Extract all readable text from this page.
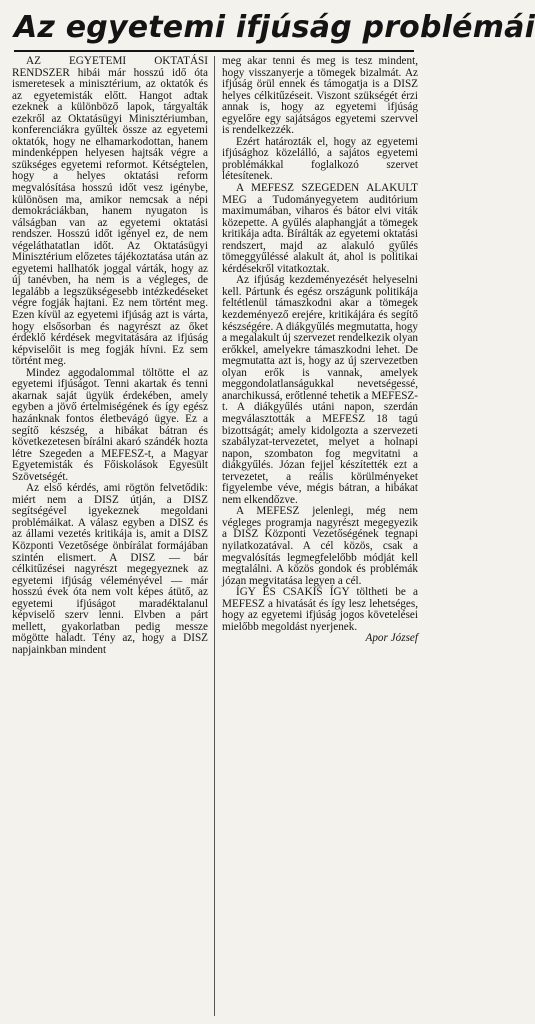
Az egyetemi ifjúság problémái

AZ EGYETEMI OKTATÁSI RENDSZER hibái már hosszú idő óta ismeretesek a minisztérium, az oktatók és az egyetemisták előtt. Hangot adtak ezeknek a különböző lapok, tárgyalták ezekről az Oktatásügyi Minisztériumban, konferenciákra gyűltek össze az egyetemi oktatók, hogy ne elhamarkodottan, hanem mindenképpen helyesen hajtsák végre a szükséges egyetemi reformot. Kétségtelen, hogy a helyes oktatási reform megvalósítása hosszú időt vesz igénybe, különösen ma, amikor nemcsak a népi demokráciákban, hanem nyugaton is válságban van az egyetemi oktatási rendszer. Hosszú időt igényel ez, de nem végeláthatatlan időt. Az Oktatásügyi Minisztérium előzetes tájékoztatása után az egyetemi hallhatók joggal várták, hogy az új tanévben, ha nem is a végleges, de legalább a legszükségesebb intézkedéseket végre fogják hajtani. Ez nem történt meg. Ezen kívül az egyetemi ifjúság azt is várta, hogy elsősorban és nagyrészt az őket érdeklő kérdések megvitatására az ifjúság képviselőit is meg fogják hívni. Ez sem történt meg.

Mindez aggodalommal töltötte el az egyetemi ifjúságot. Tenni akartak és tenni akarnak saját ügyük érdekében, amely egyben a jövő értelmiségének és így egész hazánknak fontos életbevágó ügye. Ez a segítő készség, a hibákat bátran és következetesen bírálni akaró szándék hozta létre Szegeden a MEFESZ-t, a Magyar Egyetemisták és Főiskolások Egyesült Szövetségét.

Az első kérdés, ami rögtön felvetődik: miért nem a DISZ útján, a DISZ segítségével igyekeznek megoldani problémáikat. A válasz egyben a DISZ és az állami vezetés kritikája is, amit a DISZ Központi Vezetősége önbírálat formájában szintén elismert. A DISZ — bár célkitűzései nagyrészt megegyeznek az egyetemi ifjúság véleményével — már hosszú évek óta nem volt képes átütő, az egyetemi ifjúságot maradéktalanul képviselő szerv lenni. Elvben a párt mellett, gyakorlatban pedig messze mögötte haladt. Tény az, hogy a DISZ napjainkban mindent

meg akar tenni és meg is tesz mindent, hogy visszanyerje a tömegek bizalmát. Az ifjúság örül ennek és támogatja is a DISZ helyes célkitűzéseit. Viszont szükségét érzi annak is, hogy az egyetemi ifjúság egyelőre egy sajátságos egyetemi szervvel is rendelkezzék.

Ezért határozták el, hogy az egyetemi ifjúsághoz közelálló, a sajátos egyetemi problémákkal foglalkozó szervet létesítenek.

A MEFESZ SZEGEDEN ALAKULT MEG a Tudományegyetem auditórium maximumában, viharos és bátor elvi viták közepette. A gyűlés alaphangját a tömegek kritikája adta. Bírálták az egyetemi oktatási rendszert, majd az alakuló gyűlés tömeggyűléssé alakult át, ahol is politikai kérdésekről vitatkoztak.

Az ifjúság kezdeményezését helyeselni kell. Pártunk és egész országunk politikája feltétlenül támaszkodni akar a tömegek kezdeményező erejére, kritikájára és segítő készségére. A diákgyűlés megmutatta, hogy a megalakult új szervezet rendelkezik olyan erőkkel, amelyekre támaszkodni lehet. De megmutatta azt is, hogy az új szervezetben olyan erők is vannak, amelyek meggondolatlanságukkal nevetségessé, anarchikussá, erőtlenné tehetik a MEFESZ-t. A diákgyűlés utáni napon, szerdán megválasztották a MEFESZ 18 tagú bizottságát; amely kidolgozta a szervezeti szabályzat-tervezetet, melyet a holnapi napon, szombaton fog megvitatni a diákgyűlés. Józan fejjel készítették ezt a tervezetet, a reális körülményeket figyelembe véve, mégis bátran, a hibákat nem elkendőzve.

A MEFESZ jelenlegi, még nem végleges programja nagyrészt megegyezik a DISZ Központi Vezetőségének tegnapi nyilatkozatával. A cél közös, csak a megvalósítás legmegfelelőbb módját kell megtalálni. A közös gondok és problémák józan megvitatása legyen a cél.

ÍGY ÉS CSAKIS ÍGY töltheti be a MEFESZ a hivatását és így lesz lehetséges, hogy az egyetemi ifjúság jogos követelései mielőbb megoldást nyerjenek.

Apor József
